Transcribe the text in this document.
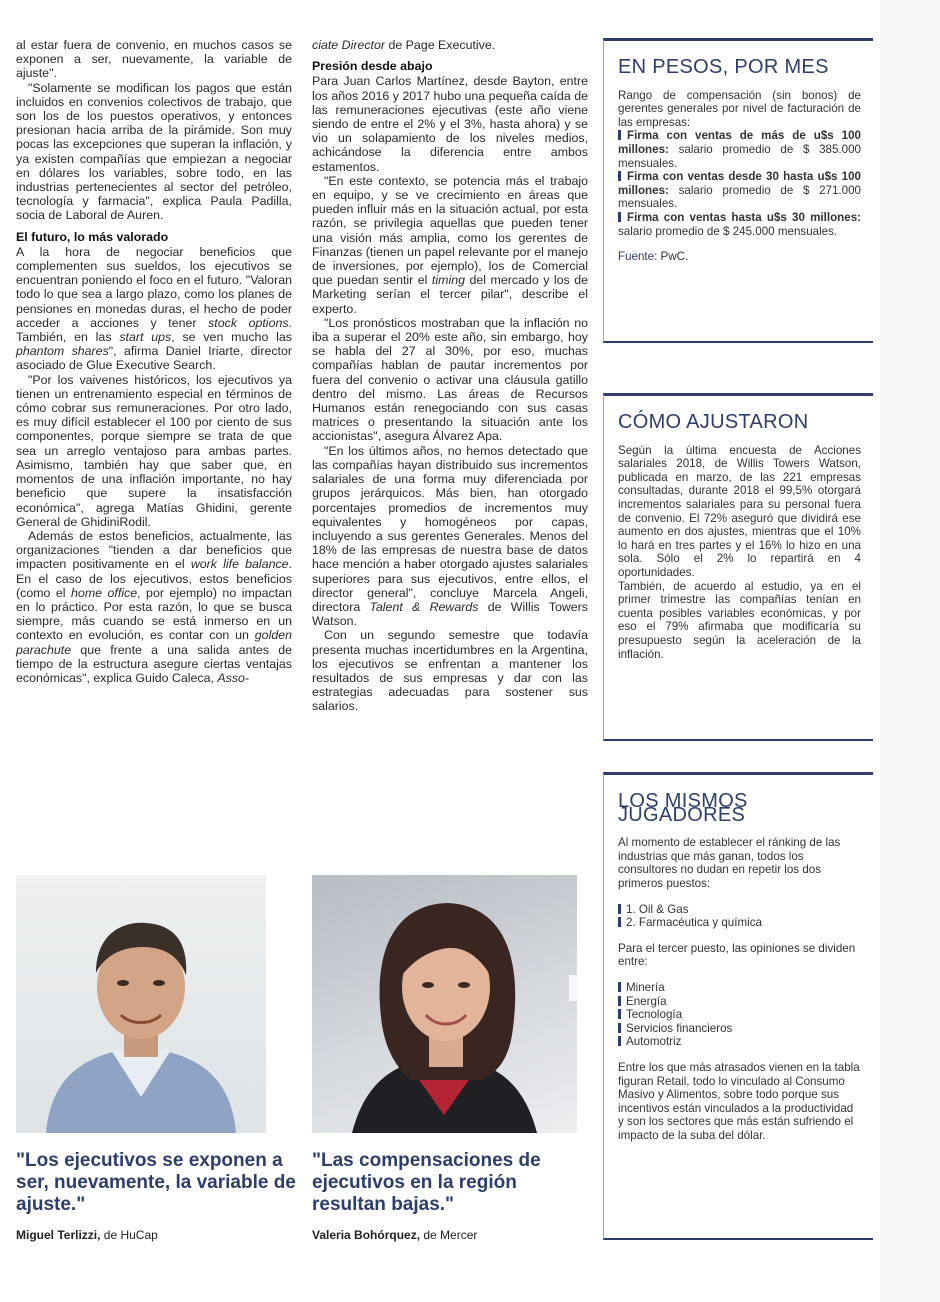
al estar fuera de convenio, en muchos casos se exponen a ser, nuevamente, la variable de ajuste".

"Solamente se modifican los pagos que están incluidos en convenios colectivos de trabajo, que son los de los puestos operativos, y entonces presionan hacia arriba de la pirámide. Son muy pocas las excepciones que superan la inflación, y ya existen compañías que empiezan a negociar en dólares los variables, sobre todo, en las industrias pertenecientes al sector del petróleo, tecnología y farmacia", explica Paula Padilla, socia de Laboral de Auren.

El futuro, lo más valorado

A la hora de negociar beneficios que complementen sus sueldos, los ejecutivos se encuentran poniendo el foco en el futuro. "Valoran todo lo que sea a largo plazo, como los planes de pensiones en monedas duras, el hecho de poder acceder a acciones y tener stock options. También, en las start ups, se ven mucho las phantom shares", afirma Daniel Iriarte, director asociado de Glue Executive Search.

"Por los vaivenes históricos, los ejecutivos ya tienen un entrenamiento especial en términos de cómo cobrar sus remuneraciones. Por otro lado, es muy difícil establecer el 100 por ciento de sus componentes, porque siempre se trata de que sea un arreglo ventajoso para ambas partes. Asimismo, también hay que saber que, en momentos de una inflación importante, no hay beneficio que supere la insatisfacción económica", agrega Matías Ghidini, gerente General de GhidiniRodil.

Además de estos beneficios, actualmente, las organizaciones "tienden a dar beneficios que impacten positivamente en el work life balance. En el caso de los ejecutivos, estos beneficios (como el home office, por ejemplo) no impactan en lo práctico. Por esta razón, lo que se busca siempre, más cuando se está inmerso en un contexto en evolución, es contar con un golden parachute que frente a una salida antes de tiempo de la estructura asegure ciertas ventajas económicas", explica Guido Caleca, Asso-

ciate Director de Page Executive.

Presión desde abajo

Para Juan Carlos Martínez, desde Bayton, entre los años 2016 y 2017 hubo una pequeña caída de las remuneraciones ejecutivas (este año viene siendo de entre el 2% y el 3%, hasta ahora) y se vio un solapamiento de los niveles medios, achicándose la diferencia entre ambos estamentos.

"En este contexto, se potencia más el trabajo en equipo, y se ve crecimiento en áreas que pueden influir más en la situación actual, por esta razón, se privilegia aquellas que pueden tener una visión más amplia, como los gerentes de Finanzas (tienen un papel relevante por el manejo de inversiones, por ejemplo), los de Comercial que puedan sentir el timing del mercado y los de Marketing serían el tercer pilar", describe el experto.

"Los pronósticos mostraban que la inflación no iba a superar el 20% este año, sin embargo, hoy se habla del 27 al 30%, por eso, muchas compañías hablan de pautar incrementos por fuera del convenio o activar una cláusula gatillo dentro del mismo. Las áreas de Recursos Humanos están renegociando con sus casas matrices o presentando la situación ante los accionistas", asegura Álvarez Apa.

"En los últimos años, no hemos detectado que las compañías hayan distribuido sus incrementos salariales de una forma muy diferenciada por grupos jerárquicos. Más bien, han otorgado porcentajes promedios de incrementos muy equivalentes y homogéneos por capas, incluyendo a sus gerentes Generales. Menos del 18% de las empresas de nuestra base de datos hace mención a haber otorgado ajustes salariales superiores para sus ejecutivos, entre ellos, el director general", concluye Marcela Angeli, directora Talent & Rewards de Willis Towers Watson.

Con un segundo semestre que todavía presenta muchas incertidumbres en la Argentina, los ejecutivos se enfrentan a mantener los resultados de sus empresas y dar con las estrategias adecuadas para sostener sus salarios.

EN PESOS, POR MES

Rango de compensación (sin bonos) de gerentes generales por nivel de facturación de las empresas:

Firma con ventas de más de u$s 100 millones: salario promedio de $ 385.000 mensuales.

Firma con ventas desde 30 hasta u$s 100 millones: salario promedio de $ 271.000 mensuales.

Firma con ventas hasta u$s 30 millones: salario promedio de $ 245.000 mensuales.

Fuente: PwC.

CÓMO AJUSTARON

Según la última encuesta de Acciones salariales 2018, de Willis Towers Watson, publicada en marzo, de las 221 empresas consultadas, durante 2018 el 99,5% otorgará incrementos salariales para su personal fuera de convenio. El 72% aseguró que dividirá ese aumento en dos ajustes, mientras que el 10% lo hará en tres partes y el 16% lo hizo en una sola. Sólo el 2% lo repartirá en 4 oportunidades.

También, de acuerdo al estudio, ya en el primer trimestre las compañías tenían en cuenta posibles variables económicas, y por eso el 79% afirmaba que modificaría su presupuesto según la aceleración de la inflación.

LOS MISMOS JUGADORES

Al momento de establecer el ránking de las industrias que más ganan, todos los consultores no dudan en repetir los dos primeros puestos:

1. Oil & Gas
2. Farmacéutica y química

Para el tercer puesto, las opiniones se dividen entre:

Minería
Energía
Tecnología
Servicios financieros
Automotriz

Entre los que más atrasados vienen en la tabla figuran Retail, todo lo vinculado al Consumo Masivo y Alimentos, sobre todo porque sus incentivos están vinculados a la productividad y son los sectores que más están sufriendo el impacto de la suba del dólar.

"Los ejecutivos se exponen a ser, nuevamente, la variable de ajuste."
"Las compensaciones de ejecutivos en la región resultan bajas."
Miguel Terlizzi, de HuCap	Valeria Bohórquez, de Mercer
